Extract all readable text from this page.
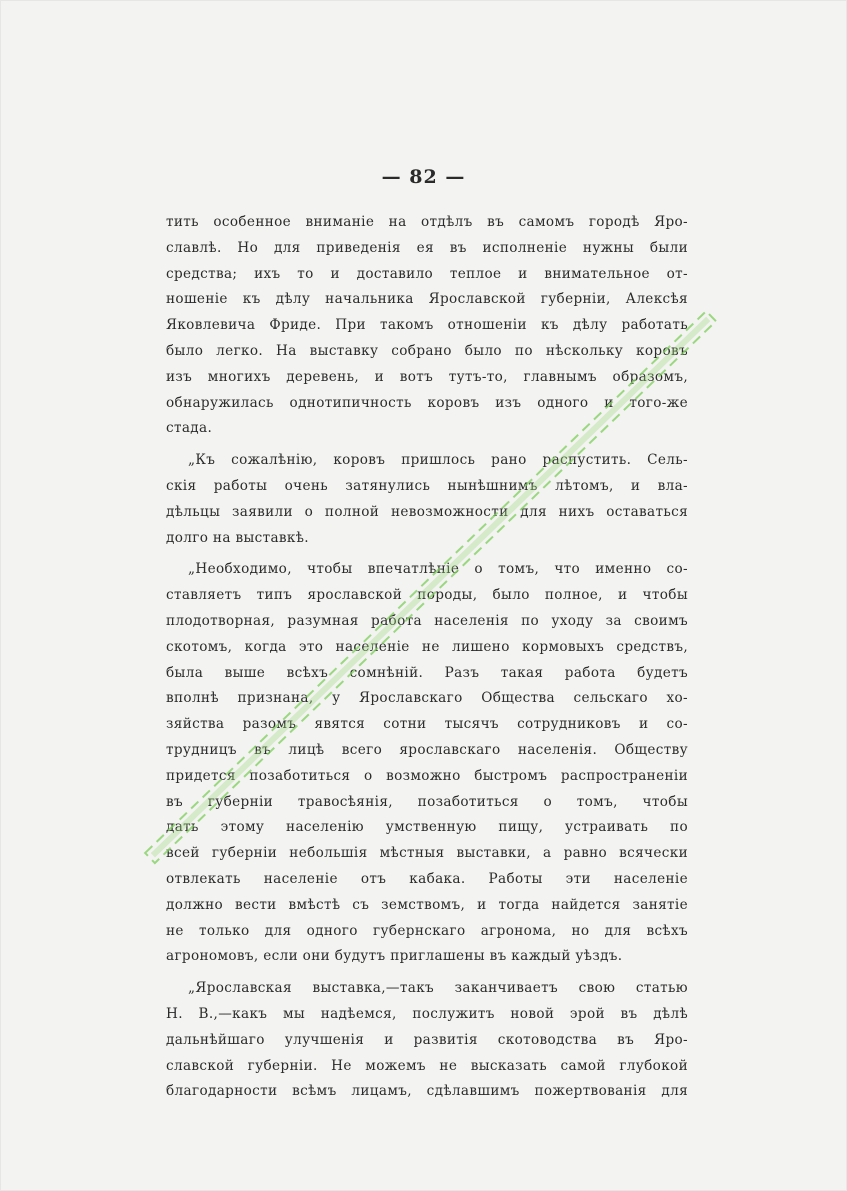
— 82 —
тить особенное вниманіе на отдѣлъ въ самомъ городѣ Яро-
славлѣ. Но для приведенія ея въ исполненіе нужны были
средства; ихъ то и доставило теплое и внимательное от-
ношеніе къ дѣлу начальника Ярославской губерніи, Алексѣя
Яковлевича Фриде. При такомъ отношеніи къ дѣлу работать
было легко. На выставку собрано было по нѣскольку коровъ
изъ многихъ деревень, и вотъ тутъ-то, главнымъ образомъ,
обнаружилась однотипичность коровъ изъ одного и того-же
стада.
„Къ сожалѣнію, коровъ пришлось рано распустить. Сель-
скія работы очень затянулись нынѣшнимъ лѣтомъ, и вла-
дѣльцы заявили о полной невозможности для нихъ оставаться
долго на выставкѣ.
„Необходимо, чтобы впечатлѣніе о томъ, что именно со-
ставляетъ типъ ярославской породы, было полное, и чтобы
плодотворная, разумная работа населенія по уходу за своимъ
скотомъ, когда это населеніе не лишено кормовыхъ средствъ,
была выше всѣхъ сомнѣній. Разъ такая работа будетъ
вполнѣ признана, у Ярославскаго Общества сельскаго хо-
зяйства разомъ явятся сотни тысячъ сотрудниковъ и со-
трудницъ въ лицѣ всего ярославскаго населенія. Обществу
придется позаботиться о возможно быстромъ распространеніи
въ губерніи травосѣянія, позаботиться о томъ, чтобы
дать этому населенію умственную пищу, устраивать по
всей губерніи небольшія мѣстныя выставки, а равно всячески
отвлекать населеніе отъ кабака. Работы эти населеніе
должно вести вмѣстѣ съ земствомъ, и тогда найдется занятіе
не только для одного губернскаго агронома, но для всѣхъ
агрономовъ, если они будутъ приглашены въ каждый уѣздъ.
„Ярославская выставка,—такъ заканчиваетъ свою статью
Н. В.,—какъ мы надѣемся, послужитъ новой эрой въ дѣлѣ
дальнѣйшаго улучшенія и развитія скотоводства въ Яро-
славской губерніи. Не можемъ не высказать самой глубокой
благодарности всѣмъ лицамъ, сдѣлавшимъ пожертвованія для
